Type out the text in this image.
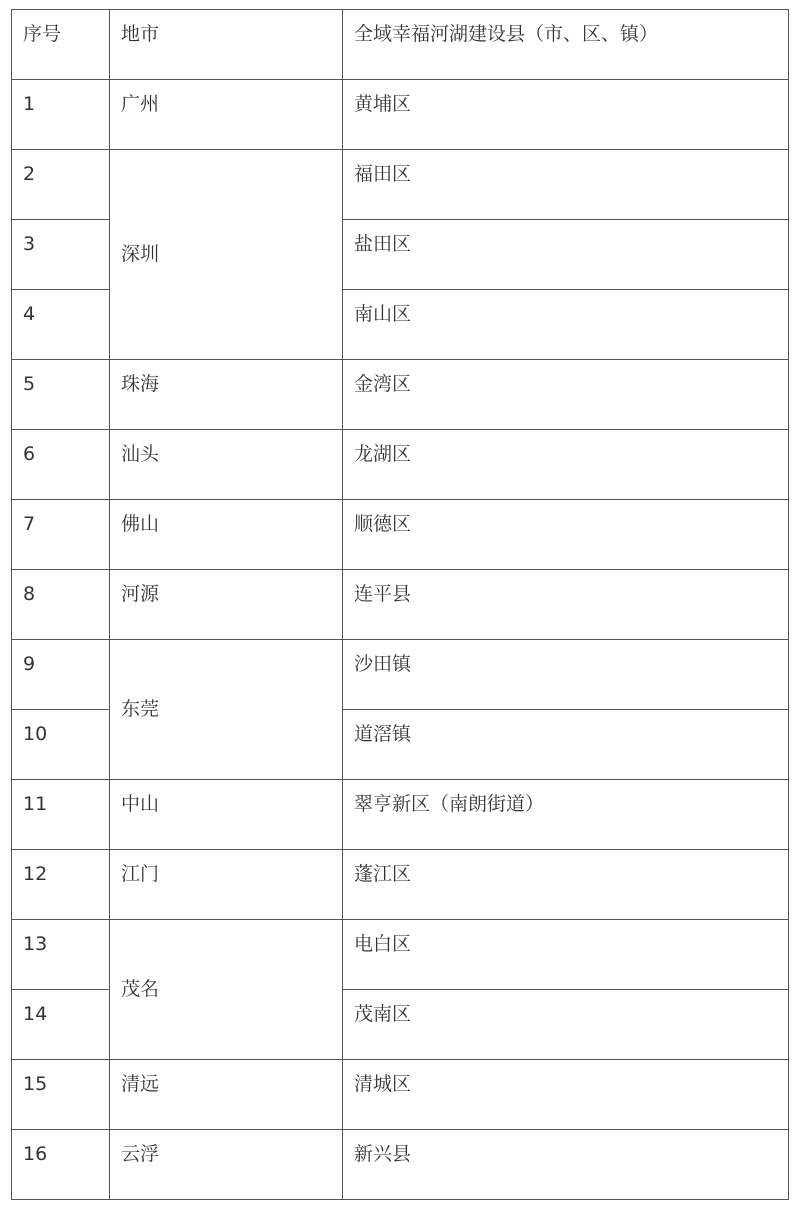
序号	地市	全域幸福河湖建设县（市、区、镇）
1	广州	黄埔区
2	深圳	福田区
3		盐田区
4		南山区
5	珠海	金湾区
6	汕头	龙湖区
7	佛山	顺德区
8	河源	连平县
9	东莞	沙田镇
10		道滘镇
11	中山	翠亨新区（南朗街道）
12	江门	蓬江区
13	茂名	电白区
14		茂南区
15	清远	清城区
16	云浮	新兴县
